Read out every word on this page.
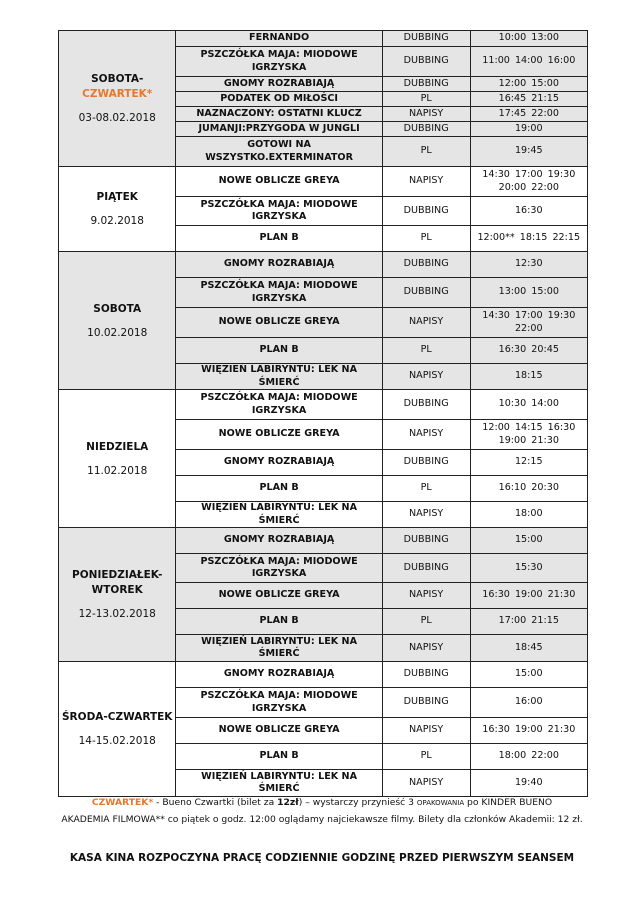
SOBOTA-
CZWARTEK*
03-08.02.2018	FERNANDO	DUBBING	10:00 13:00
	PSZCZÓŁKA MAJA: MIODOWE IGRZYSKA	DUBBING	11:00 14:00 16:00
	GNOMY ROZRABIAJĄ	DUBBING	12:00 15:00
	PODATEK OD MIŁOŚCI	PL	16:45 21:15
	NAZNACZONY: OSTATNI KLUCZ	NAPISY	17:45 22:00
	JUMANJI:PRZYGODA W JUNGLI	DUBBING	19:00
	GOTOWI NA WSZYSTKO.EXTERMINATOR	PL	19:45

PIĄTEK
9.02.2018	NOWE OBLICZE GREYA	NAPISY	14:30 17:00 19:30 20:00 22:00
	PSZCZÓŁKA MAJA: MIODOWE IGRZYSKA	DUBBING	16:30
	PLAN B	PL	12:00** 18:15 22:15

SOBOTA
10.02.2018	GNOMY ROZRABIAJĄ	DUBBING	12:30
	PSZCZÓŁKA MAJA: MIODOWE IGRZYSKA	DUBBING	13:00 15:00
	NOWE OBLICZE GREYA	NAPISY	14:30 17:00 19:30 22:00
	PLAN B	PL	16:30 20:45
	WIĘZIEŃ LABIRYNTU: LEK NA ŚMIERĆ	NAPISY	18:15

NIEDZIELA
11.02.2018	PSZCZÓŁKA MAJA: MIODOWE IGRZYSKA	DUBBING	10:30 14:00
	NOWE OBLICZE GREYA	NAPISY	12:00 14:15 16:30 19:00 21:30
	GNOMY ROZRABIAJĄ	DUBBING	12:15
	PLAN B	PL	16:10 20:30
	WIĘZIEŃ LABIRYNTU: LEK NA ŚMIERĆ	NAPISY	18:00

PONIEDZIAŁEK-WTOREK
12-13.02.2018	GNOMY ROZRABIAJĄ	DUBBING	15:00
	PSZCZÓŁKA MAJA: MIODOWE IGRZYSKA	DUBBING	15:30
	NOWE OBLICZE GREYA	NAPISY	16:30 19:00 21:30
	PLAN B	PL	17:00 21:15
	WIĘZIEŃ LABIRYNTU: LEK NA ŚMIERĆ	NAPISY	18:45

ŚRODA-CZWARTEK
14-15.02.2018	GNOMY ROZRABIAJĄ	DUBBING	15:00
	PSZCZÓŁKA MAJA: MIODOWE IGRZYSKA	DUBBING	16:00
	NOWE OBLICZE GREYA	NAPISY	16:30 19:00 21:30
	PLAN B	PL	18:00 22:00
	WIĘZIEŃ LABIRYNTU: LEK NA ŚMIERĆ	NAPISY	19:40
CZWARTEK* - Bueno Czwartki (bilet za 12zł) – wystarczy przynieść 3 OPAKOWANIA po KINDER BUENO
AKADEMIA FILMOWA** co piątek o godz. 12:00 oglądamy najciekawsze filmy. Bilety dla członków Akademii: 12 zł.
KASA KINA ROZPOCZYNA PRACĘ CODZIENNIE GODZINĘ PRZED PIERWSZYM SEANSEM
